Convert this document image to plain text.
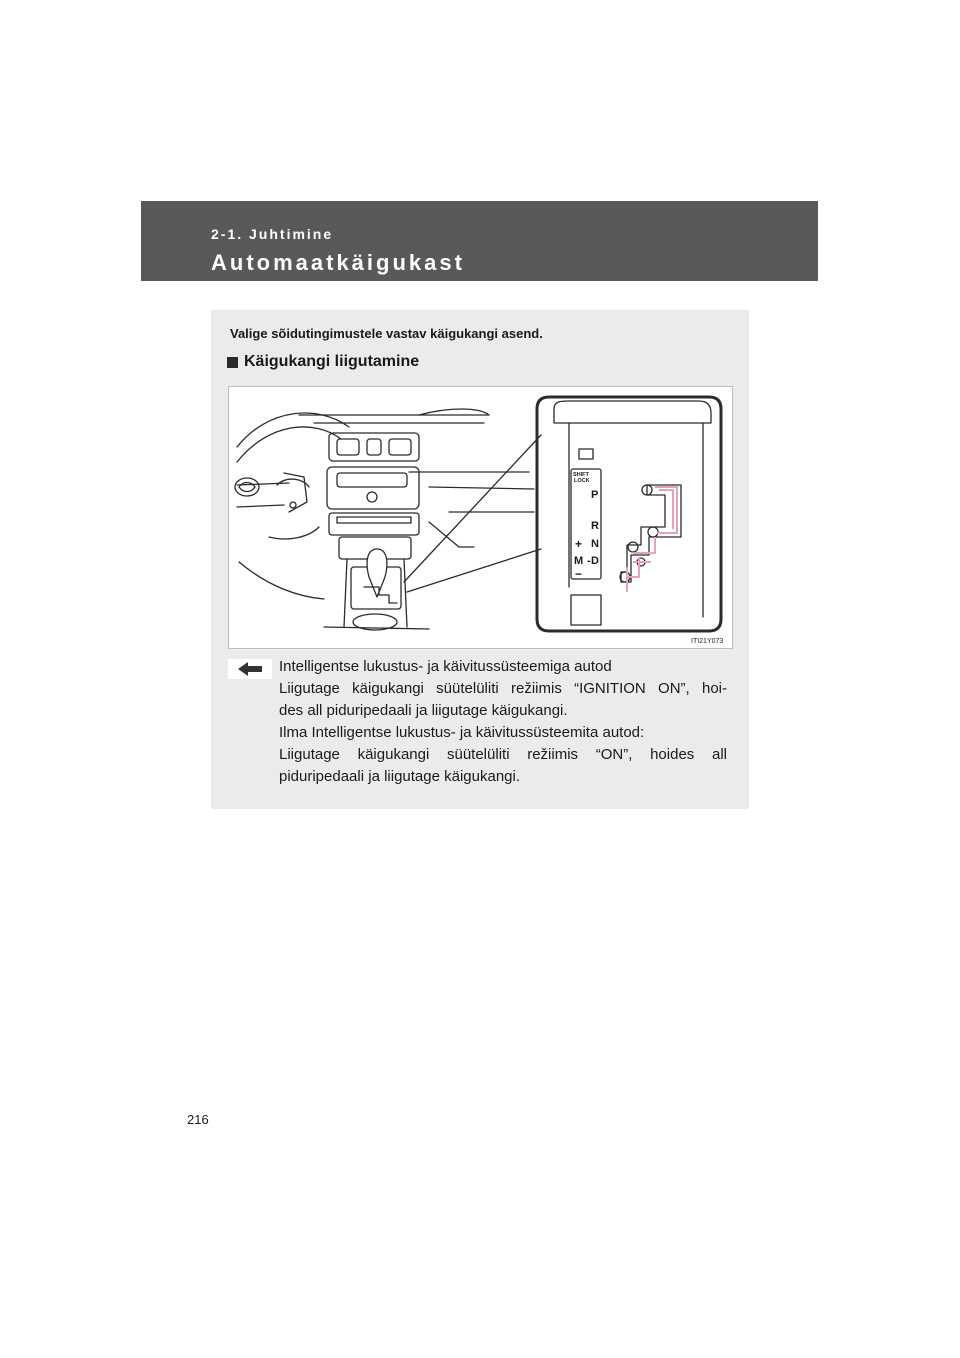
2-1. Juhtimine
Automaatkäigukast
Valige sõidutingimustele vastav käigukangi asend.
Käigukangi liigutamine
SHIFT
LOCK
P
R
N
D
M
+
−
-
ITI21Y073

Intelligentse lukustus- ja käivitussüsteemiga autod

Liigutage käigukangi süütelüliti režiimis “IGNITION ON”, hoi-

des all piduripedaali ja liigutage käigukangi.

Ilma Intelligentse lukustus- ja käivitussüsteemita autod:

Liigutage käigukangi süütelüliti režiimis “ON”, hoides all

piduripedaali ja liigutage käigukangi.

216
